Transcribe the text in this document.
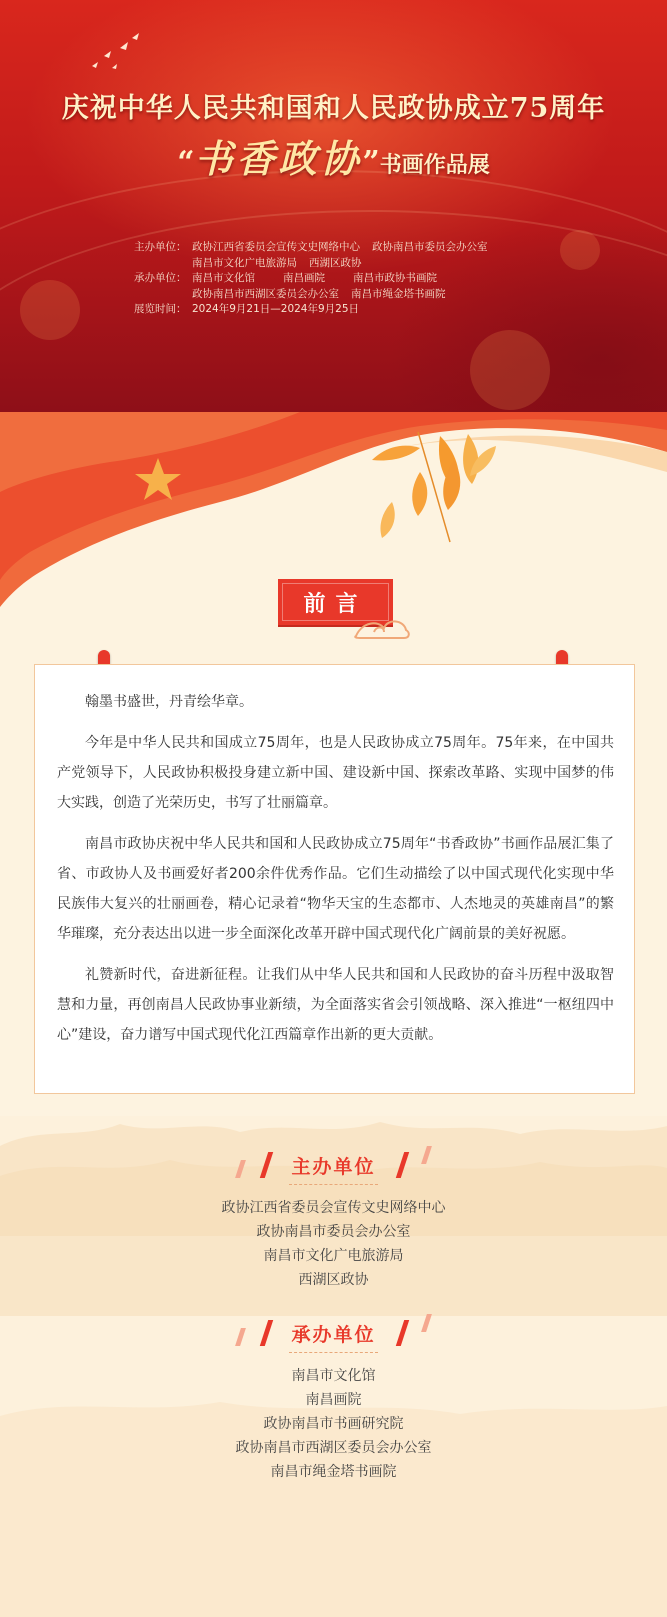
庆祝中华人民共和国和人民政协成立75周年
“书香政协”书画作品展
主办单位： 政协江西省委员会宣传文史网络中心 政协南昌市委员会办公室
南昌市文化广电旅游局 西湖区政协
承办单位： 南昌市文化馆	南昌画院	南昌市政协书画院
政协南昌市西湖区委员会办公室 南昌市绳金塔书画院
展览时间： 2024年9月21日—2024年9月25日
前言

翰墨书盛世，丹青绘华章。

今年是中华人民共和国成立75周年，也是人民政协成立75周年。75年来，在中国共产党领导下，人民政协积极投身建立新中国、建设新中国、探索改革路、实现中国梦的伟大实践，创造了光荣历史，书写了壮丽篇章。

南昌市政协庆祝中华人民共和国和人民政协成立75周年“书香政协”书画作品展汇集了省、市政协人及书画爱好者200余件优秀作品。它们生动描绘了以中国式现代化实现中华民族伟大复兴的壮丽画卷，精心记录着“物华天宝的生态都市、人杰地灵的英雄南昌”的繁华璀璨，充分表达出以进一步全面深化改革开辟中国式现代化广阔前景的美好祝愿。

礼赞新时代，奋进新征程。让我们从中华人民共和国和人民政协的奋斗历程中汲取智慧和力量，再创南昌人民政协事业新绩，为全面落实省会引领战略、深入推进“一枢纽四中心”建设，奋力谱写中国式现代化江西篇章作出新的更大贡献。

主办单位
政协江西省委员会宣传文史网络中心
政协南昌市委员会办公室
南昌市文化广电旅游局
西湖区政协
承办单位
南昌市文化馆
南昌画院
政协南昌市书画研究院
政协南昌市西湖区委员会办公室
南昌市绳金塔书画院
